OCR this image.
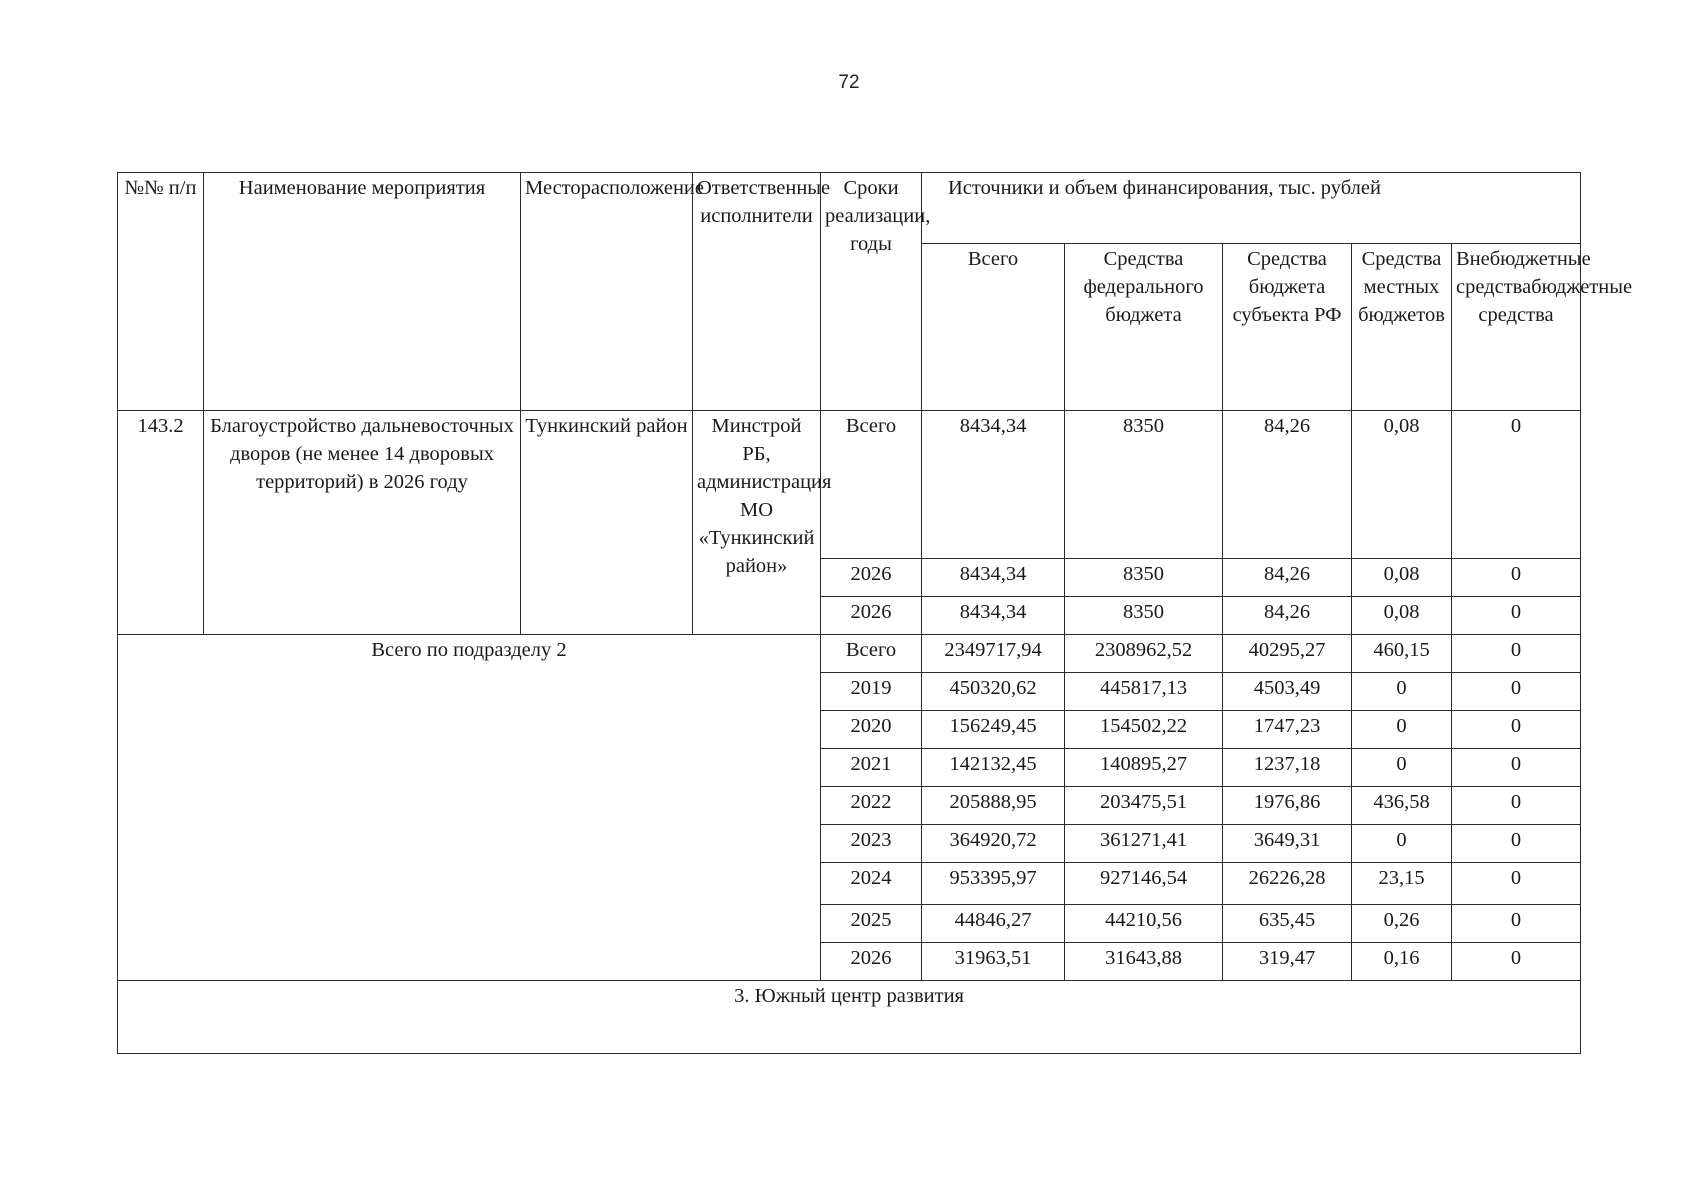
72
№№ п/п	Наименование мероприятия	Месторасположение	Ответственные исполнители	Сроки реализации, годы	Источники и объем финансирования, тыс. рублей				
					Всего	Средства федерального бюджета	Средства бюджета субъекта РФ	Средства местных бюджетов	Внебюджетные средствабюджетные средства
143.2	Благоустройство дальневосточных дворов (не менее 14 дворовых территорий) в 2026 году	Тункинский район	Минстрой РБ, администрация МО «Тункинский район»	Всего	8434,34	8350	84,26	0,08	0
				2026	8434,34	8350	84,26	0,08	0
				2026	8434,34	8350	84,26	0,08	0
Всего по подразделу 2				Всего	2349717,94	2308962,52	40295,27	460,15	0
				2019	450320,62	445817,13	4503,49	0	0
				2020	156249,45	154502,22	1747,23	0	0
				2021	142132,45	140895,27	1237,18	0	0
				2022	205888,95	203475,51	1976,86	436,58	0
				2023	364920,72	361271,41	3649,31	0	0
				2024	953395,97	927146,54	26226,28	23,15	0
				2025	44846,27	44210,56	635,45	0,26	0
				2026	31963,51	31643,88	319,47	0,16	0
3. Южный центр развития									
